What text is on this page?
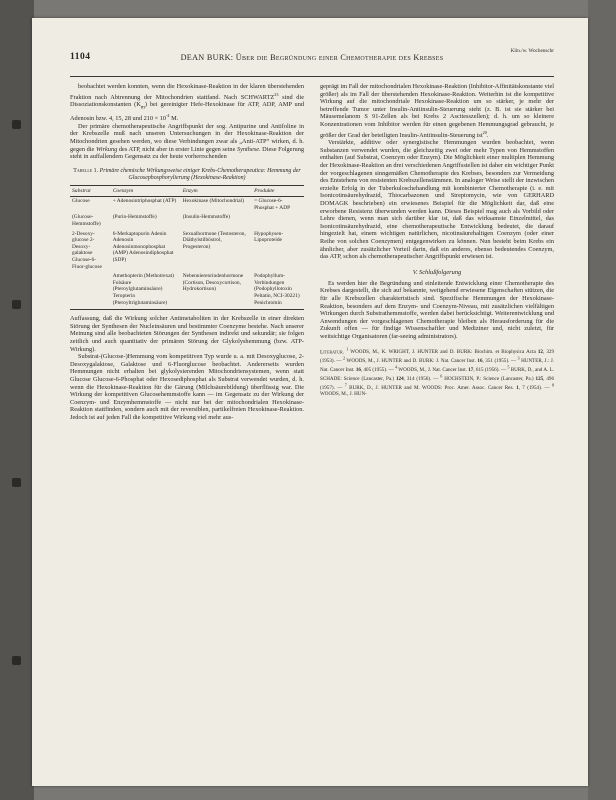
1104	DEAN BURK: Über die Begründung einer Chemotherapie des Krebses
Klin./w. Wochenschr

beobachtet werden konnten, wenn die Hexokinase-Reaktion in der klaren überstehenden Fraktion nach Abtrennung der Mitochondrien stattfand. Nach SCHWARTZ$^{23}$ sind die Dissoziationskonstanten $(K_m)$ bei gereinigter Hefe-Hexokinase für ATP, ADP, AMP und Adenosin bzw. 4, 15, 28 und $210 \times 10^{-4}$ M.

Der primäre chemotherapeutische Angriffspunkt der sog. Antipurine und Antifoline in der Krebszelle muß nach unseren Untersuchungen in der Hexokinase-Reaktion der Mitochondrien gesehen werden, wo diese Verbindungen zwar als „Anti-ATP“ wirken, d. h. gegen die Wirkung des ATP, nicht aber in erster Linie gegen seine Synthese. Diese Folgerung steht in auffallendem Gegensatz zu der heute vorherrschenden

Tabelle 1. Primäre chemische Wirkungsweise einiger Krebs-Chemotherapeutica: Hemmung der Glucosephosphorylierung (Hexokinase-Reaktion)
Substrat	Coenzym	Enzym	Produkte
Glucose	+ Adenosintriphosphat (ATP)	Hexokinase (Mitochondrial)	= Glucose-6-Phosphat + ADP
(Glucose-Hemmstoffe)	(Purin-Hemmstoffe)	(Insulin-Hemmstoffe)	
2-Desoxy-glucose 2-Desoxy-galaktose Glucose-6-Fluor-glucose	6-Merkaptopurin Adenin Adenosin Adenosinmonophosphat (AMP) Adenosindiphosphat (SDP)	Sexualhormone (Testosteron, Diäthylstilböstrol, Progesteron)	Hypophysen-Lipoproteide
	Amethopterin (Methotrexat) Folsäure (Pteroylglutaminsäure) Teropterin (Pteroyltriglutaminsäure)	Nebennierenrindenhormone (Cortison, Desoxycortison, Hydrokortison)	Podophyllum-Verbindungen (Podophyllotoxin Peltatin, NCI-30221) Penichromin

Auffassung, daß die Wirkung solcher Antimetaboliten in der Krebszelle in einer direkten Störung der Synthesen der Nucleinsäuren und bestimmter Coenzyme bestehe. Nach unserer Meinung sind alle beobachteten Störungen der Synthesen indirekt und sekundär; sie folgen zeitlich und auch quantitativ der primären Störung der Glykolyshemmung (bzw. ATP-Wirkung).

Substrat-(Glucose-)Hemmung vom kompetitiven Typ wurde u. a. mit Desoxyglucose, 2-Desoxygalaktose, Galaktose und 6-Fluorglucose beobachtet. Andererseits wurden Hemmungen nicht erhalten bei glykolysierenden Mitochondriensystemen, wenn statt Glucose Glucose-6-Phosphat oder Hexosediphosphat als Substrat verwendet wurden, d. h. wenn die Hexokinase-Reaktion für die Gärung (Milchsäurebildung) überflüssig war. Die Wirkung der kompetitiven Glucosehemmstoffe kann — im Gegensatz zu der Wirkung der Coenzym- und Enzymhemmstoffe — nicht nur bei der mitochondrialen Hexokinase-Reaktion stattfinden, sondern auch mit der reversiblen, partikelfreien Hexokinase-Reaktion. Jedoch ist auf jeden Fall die kompetitive Wirkung viel mehr aus-

geprägt im Fall der mitochondrialen Hexokinase-Reaktion (Inhibitor-Affinitätskonstante viel größer) als im Fall der überstehenden Hexokinase-Reaktion. Weiterhin ist die kompetitive Wirkung auf die mitochondriale Hexokinase-Reaktion um so stärker, je mehr der betreffende Tumor unter Insulin-Antiinsulin-Steuerung steht (z. B. ist sie stärker bei Mäusemelanom S 91-Zellen als bei Krebs 2 Ascitesszellen); d. h. um so kleinere Konzentrationen vom Inhibitor werden für einen gegebenen Hemmungsgrad gebraucht, je größer der Grad der beteiligten Insulin-Antiinsulin-Steuerung ist$^{20}$.

Verstärkte, additive oder synergistische Hemmungen wurden beobachtet, wenn Substanzen verwendet wurden, die gleichzeitig zwei oder mehr Typen von Hemmstoffen enthalten (auf Substrat, Coenzym oder Enzym). Die Möglichkeit einer multiplen Hemmung der Hexokinase-Reaktion an drei verschiedenen Angriffsstellen ist daher ein wichtiger Punkt der vorgeschlagenen sinngemäßen Chemotherapie des Krebses, besonders zur Vermeidung des Entstehens von resistenten Krebszellenstämmen. In analoger Weise stellt der inzwischen erzielte Erfolg in der Tuberkuloschehandlung mit kombinierter Chemotherapie (i. e. mit Isonicotinsäurehydrazid, Thiocarbazonen und Streptomycin, wie von GERHARD DOMAGK beschrieben) ein erwiesenes Beispiel für die Möglichkeit dar, daß eine erworbene Resistenz überwunden werden kann. Dieses Beispiel mag auch als Vorbild oder Lehre dienen, wenn man sich darüber klar ist, daß das wirksamste Einzelmittel, das Isonicotinsäurehydrazid, eine chemotherapeutische Entwicklung bedeutet, die darauf hingezielt hat, einem wichtigen natürlichen, nicotinsäurehaltigen Coenzym (oder einer Reihe von solchen Coenzymen) entgegenwirken zu können. Nun besteht beim Krebs ein ähnlicher, aber zusätzlicher Vorteil darin, daß ein anderes, ebenso bedeutendes Coenzym, das ATP, schon als chemotherapeutischer Angriffspunkt erwiesen ist.

V. Schlußfolgerung

Es werden hier die Begründung und einleitende Entwicklung einer Chemotherapie des Krebses dargestellt, die sich auf bekannte, weitgehend erwiesene Eigenschaften stützen, die für alle Krebszellen charakteristisch sind. Spezifische Hemmungen der Hexokinase-Reaktion, besonders auf dem Enzym- und Coenzym-Niveau, mit zusätzlichen vielfältigen Wirkungen durch Substrathemmstoffe, werden dabei berücksichtigt. Weiterentwicklung und Anwendungen der vorgeschlagenen Chemotherapie bleiben als Herausforderung für die Zukunft offen — für findige Wissenschaftler und Mediziner und, nicht zuletzt, für weitsichtige Organisatoren (far-seeing administrators).

Literatur. $^1$ WOODS, M., K. WRIGHT, J. HUNTER and D. BURK: Biochim. et Biophysica Acta 12, 329 (1953). — $^2$ WOODS, M., J. HUNTER and D. BURK: J. Nat. Cancer Inst. 16, 351 (1955). — $^3$ HUNTER, J.: J. Nat. Cancer Inst. 16, 405 (1955). — $^4$ WOODS, M., J. Nat. Cancer Inst. 17, 615 (1956). — $^5$ BURK, D., and A. L. SCHADE: Science (Lancaster, Pa.) 124, 314 (1956). — $^6$ HOCHSTEIN, P.: Science (Lancaster, Pa.) 125, 496 (1957). — $^7$ BURK, D., J. HUNTER and M. WOODS: Proc. Amer. Assoc. Cancer Res. 1, 7 (1954). — $^8$ WOODS, M., J. HUN-
